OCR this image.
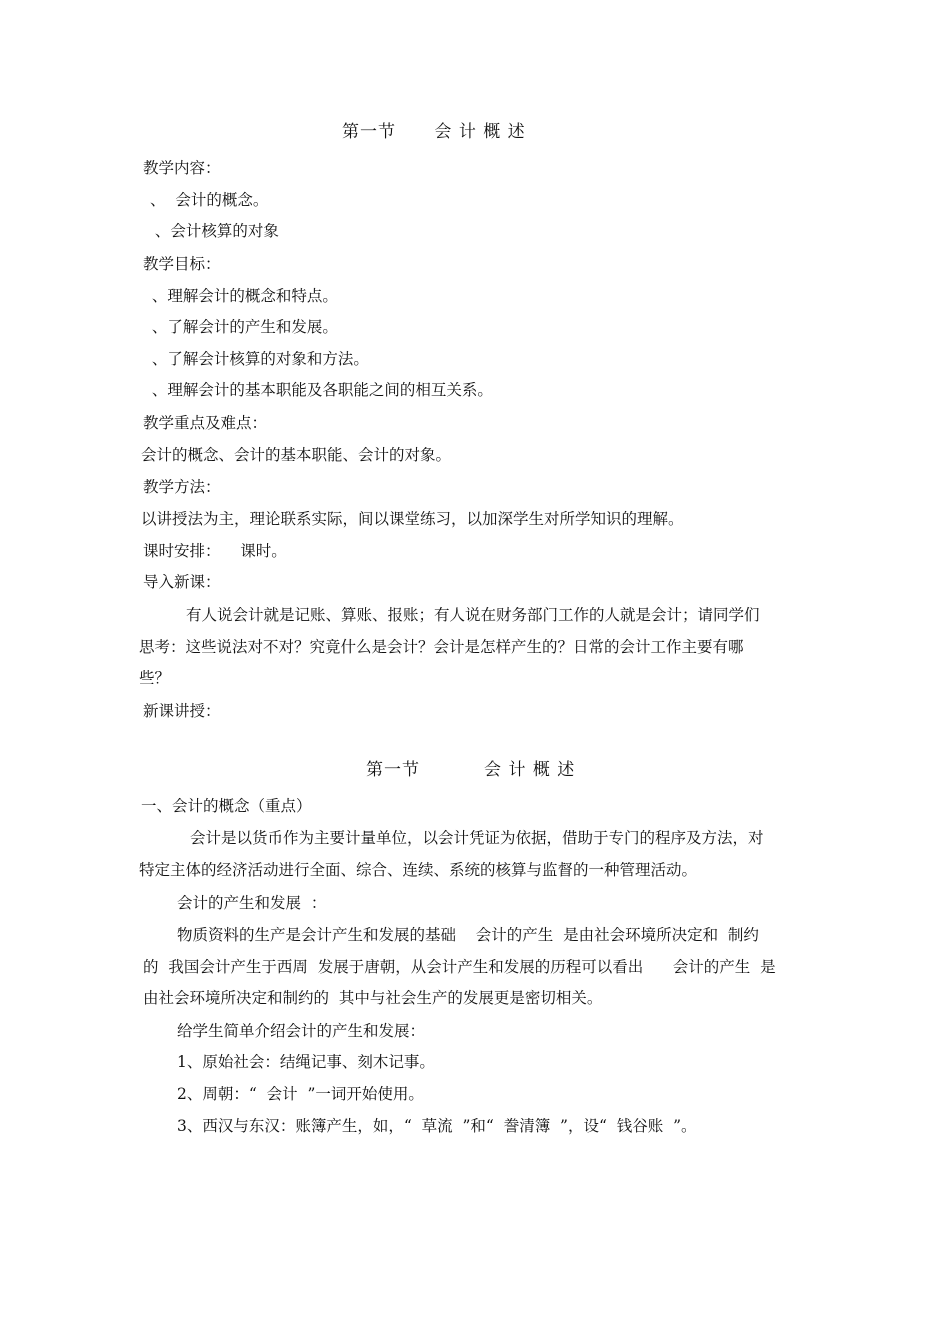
第一节      会 计 概 述
教学内容：
、  会计的概念。
、会计核算的对象
教学目标：
、理解会计的概念和特点。
、了解会计的产生和发展。
、了解会计核算的对象和方法。
、理解会计的基本职能及各职能之间的相互关系。
教学重点及难点：
会计的概念、会计的基本职能、会计的对象。
教学方法：
以讲授法为主，理论联系实际，间以课堂练习，以加深学生对所学知识的理解。
课时安排：    课时。
导入新课：
有人说会计就是记账、算账、报账；有人说在财务部门工作的人就是会计；请同学们
思考：这些说法对不对？究竟什么是会计？会计是怎样产生的？日常的会计工作主要有哪
些？
新课讲授：
第一节          会 计 概 述
一、会计的概念（重点）
会计是以货币作为主要计量单位，以会计凭证为依据，借助于专门的程序及方法，对
特定主体的经济活动进行全面、综合、连续、系统的核算与监督的一种管理活动。
会计的产生和发展  ：
物质资料的生产是会计产生和发展的基础    会计的产生  是由社会环境所决定和  制约
的  我国会计产生于西周  发展于唐朝，从会计产生和发展的历程可以看出      会计的产生  是
由社会环境所决定和制约的  其中与社会生产的发展更是密切相关。
给学生简单介绍会计的产生和发展：
1、原始社会：结绳记事、刻木记事。
2、周朝：“  会计  ”一词开始使用。
3、西汉与东汉：账簿产生，如，“  草流  ”和“  誊清簿  ”，设“  钱谷账  ”。
